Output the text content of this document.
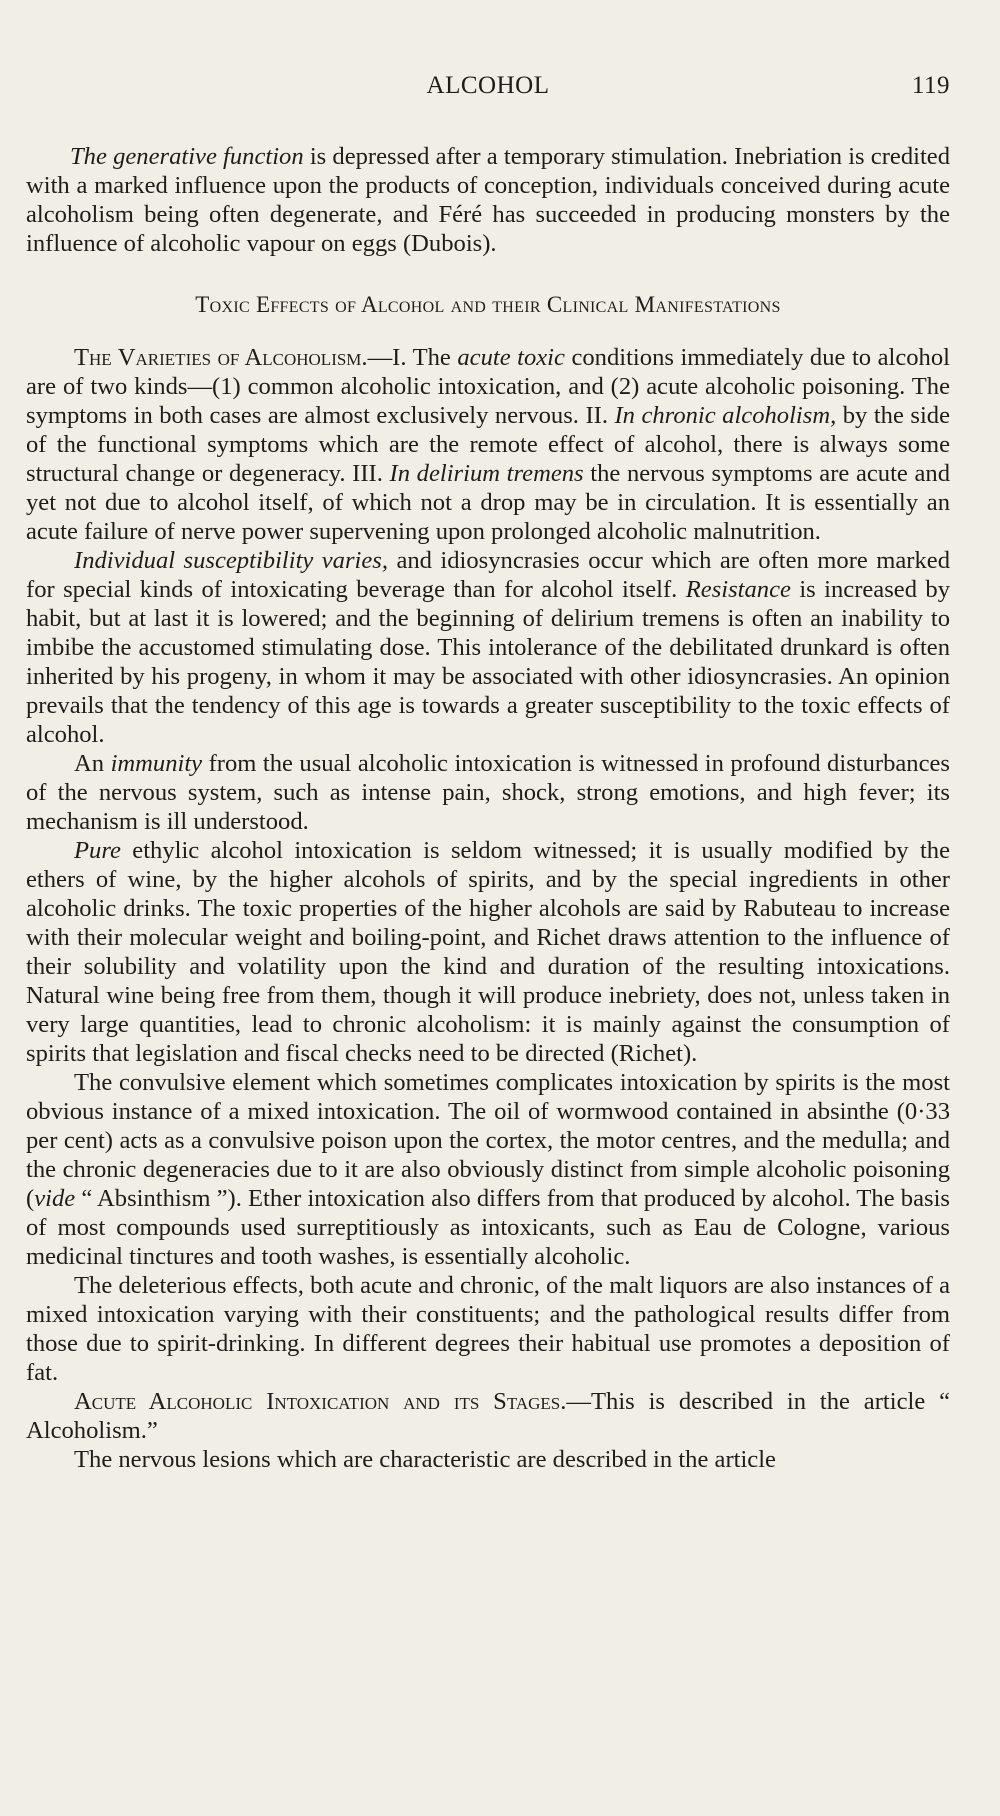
ALCOHOL	119

The generative function is depressed after a temporary stimulation. Inebriation is credited with a marked influence upon the products of conception, individuals conceived during acute alcoholism being often degenerate, and Féré has succeeded in producing monsters by the influence of alcoholic vapour on eggs (Dubois).

Toxic Effects of Alcohol and their Clinical Manifestations

The Varieties of Alcoholism.—I. The acute toxic conditions immediately due to alcohol are of two kinds—(1) common alcoholic intoxication, and (2) acute alcoholic poisoning. The symptoms in both cases are almost exclusively nervous. II. In chronic alcoholism, by the side of the functional symptoms which are the remote effect of alcohol, there is always some structural change or degeneracy. III. In delirium tremens the nervous symptoms are acute and yet not due to alcohol itself, of which not a drop may be in circulation. It is essentially an acute failure of nerve power supervening upon prolonged alcoholic malnutrition.

Individual susceptibility varies, and idiosyncrasies occur which are often more marked for special kinds of intoxicating beverage than for alcohol itself. Resistance is increased by habit, but at last it is lowered; and the beginning of delirium tremens is often an inability to imbibe the accustomed stimulating dose. This intolerance of the debilitated drunkard is often inherited by his progeny, in whom it may be associated with other idiosyncrasies. An opinion prevails that the tendency of this age is towards a greater susceptibility to the toxic effects of alcohol.

An immunity from the usual alcoholic intoxication is witnessed in profound disturbances of the nervous system, such as intense pain, shock, strong emotions, and high fever; its mechanism is ill understood.

Pure ethylic alcohol intoxication is seldom witnessed; it is usually modified by the ethers of wine, by the higher alcohols of spirits, and by the special ingredients in other alcoholic drinks. The toxic properties of the higher alcohols are said by Rabuteau to increase with their molecular weight and boiling-point, and Richet draws attention to the influence of their solubility and volatility upon the kind and duration of the resulting intoxications. Natural wine being free from them, though it will produce inebriety, does not, unless taken in very large quantities, lead to chronic alcoholism: it is mainly against the consumption of spirits that legislation and fiscal checks need to be directed (Richet).

The convulsive element which sometimes complicates intoxication by spirits is the most obvious instance of a mixed intoxication. The oil of wormwood contained in absinthe (0·33 per cent) acts as a convulsive poison upon the cortex, the motor centres, and the medulla; and the chronic degeneracies due to it are also obviously distinct from simple alcoholic poisoning (vide “ Absinthism ”). Ether intoxication also differs from that produced by alcohol. The basis of most compounds used surreptitiously as intoxicants, such as Eau de Cologne, various medicinal tinctures and tooth washes, is essentially alcoholic.

The deleterious effects, both acute and chronic, of the malt liquors are also instances of a mixed intoxication varying with their constituents; and the pathological results differ from those due to spirit-drinking. In different degrees their habitual use promotes a deposition of fat.

Acute Alcoholic Intoxication and its Stages.—This is described in the article “ Alcoholism.”

The nervous lesions which are characteristic are described in the article
